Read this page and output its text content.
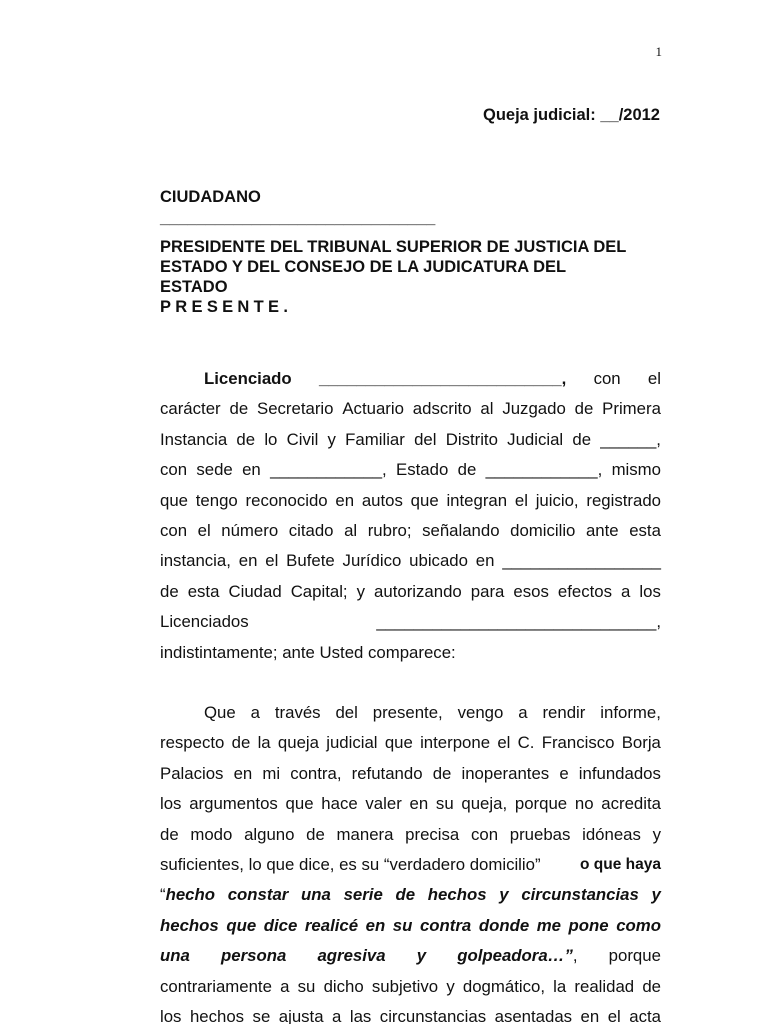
1
Queja judicial: __/2012
CIUDADANO
______________________________
PRESIDENTE DEL TRIBUNAL SUPERIOR DE JUSTICIA DEL
ESTADO Y DEL CONSEJO DE LA JUDICATURA DEL
ESTADO
PRESENTE.
Licenciado __________________________, con el
carácter de Secretario Actuario adscrito al Juzgado de Primera
Instancia de lo Civil y Familiar del Distrito Judicial de ______,
con sede en ____________, Estado de ____________, mismo
que tengo reconocido en autos que integran el juicio, registrado
con el número citado al rubro; señalando domicilio ante esta
instancia, en el Bufete Jurídico ubicado en _________________
de esta Ciudad Capital; y autorizando para esos efectos a los
Licenciados	______________________________,
indistintamente; ante Usted comparece:
Que a través del presente, vengo a rendir informe,
respecto de la queja judicial que interpone el C. Francisco Borja
Palacios en mi contra, refutando de inoperantes e infundados
los argumentos que hace valer en su queja, porque no acredita
de modo alguno de manera precisa con pruebas idóneas y
suficientes, lo que dice, es su “verdadero domicilio”	o que haya
“hecho constar una serie de hechos y circunstancias y
hechos que dice realicé en su contra donde me pone como
una persona agresiva y golpeadora…”, porque
contrariamente a su dicho subjetivo y dogmático, la realidad de
los hechos se ajusta a las circunstancias asentadas en el acta
